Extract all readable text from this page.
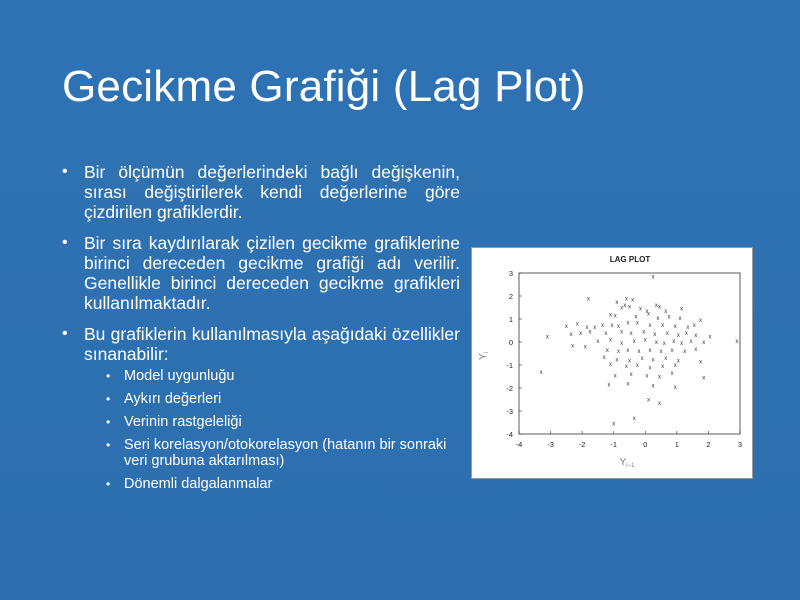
Gecikme Grafiği (Lag Plot)
• Bir ölçümün değerlerindeki bağlı değişkenin, sırası değiştirilerek kendi değerlerine göre çizdirilen grafiklerdir.
• Bir sıra kaydırılarak çizilen gecikme grafiklerine birinci dereceden gecikme grafiği adı verilir. Genellikle birinci dereceden gecikme grafikleri kullanılmaktadır.
• Bu grafiklerin kullanılmasıyla aşağıdaki özellikler sınanabilir:
• Model uygunluğu
• Aykırı değerleri
• Verinin rastgeleliği
• Seri korelasyon/otokorelasyon (hatanın bir sonraki veri grubuna aktarılması)
• Dönemli dalgalanmalar
LAG PLOT
3
2
1
0
-1
-2
-3
-4
-4	-3	-2	-1	0	1	2	3
x
x
x
x x
x
x x	x x	x
x x	x
x x	x
x
x x x	x
x x
x x x x x
x x x x x x x
x	x x x x x x x x x x x x x
x
x x
x x
x x x x x x x x x
x x x x x x x x x
x x x x x x x	x
x
x x x x x x
x x x x
x
x
x	x	x	x
x
x
x
x
$Y_i$
$Y_{i-1}$
